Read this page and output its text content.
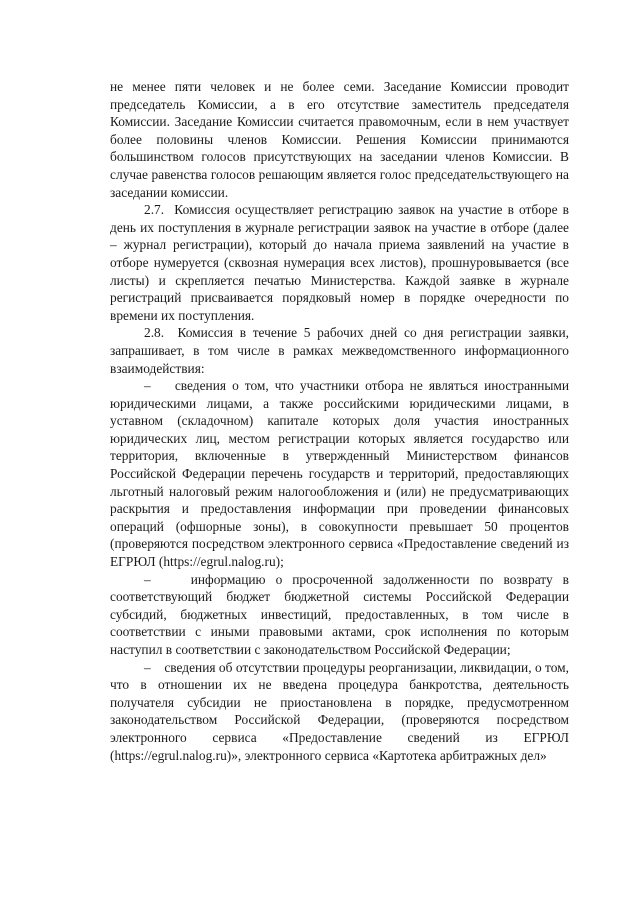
не менее пяти человек и не более семи. Заседание Комиссии проводит председатель Комиссии, а в его отсутствие заместитель председателя Комиссии. Заседание Комиссии считается правомочным, если в нем участвует более половины членов Комиссии. Решения Комиссии принимаются большинством голосов присутствующих на заседании членов Комиссии. В случае равенства голосов решающим является голос председательствующего на заседании комиссии.

2.7.  Комиссия осуществляет регистрацию заявок на участие в отборе в день их поступления в журнале регистрации заявок на участие в отборе (далее – журнал регистрации), который до начала приема заявлений на участие в отборе нумеруется (сквозная нумерация всех листов), прошнуровывается (все листы) и скрепляется печатью Министерства. Каждой заявке в журнале регистраций присваивается порядковый номер в порядке очередности по времени их поступления.

2.8.  Комиссия в течение 5 рабочих дней со дня регистрации заявки, запрашивает, в том числе в рамках межведомственного информационного взаимодействия:

–    сведения о том, что участники отбора не являться иностранными юридическими лицами, а также российскими юридическими лицами, в уставном (складочном) капитале которых доля участия иностранных юридических лиц, местом регистрации которых является государство или территория, включенные в утвержденный Министерством финансов Российской Федерации перечень государств и территорий, предоставляющих льготный налоговый режим налогообложения и (или) не предусматривающих раскрытия и предоставления информации при проведении финансовых операций (офшорные зоны), в совокупности превышает 50 процентов (проверяются посредством электронного сервиса «Предоставление сведений из ЕГРЮЛ (https://egrul.nalog.ru);

–    информацию о просроченной задолженности по возврату в соответствующий бюджет бюджетной системы Российской Федерации субсидий, бюджетных инвестиций, предоставленных, в том числе в соответствии с иными правовыми актами, срок исполнения по которым наступил в соответствии с законодательством Российской Федерации;

–    сведения об отсутствии процедуры реорганизации, ликвидации, о том, что в отношении их не введена процедура банкротства, деятельность получателя субсидии не приостановлена в порядке, предусмотренном законодательством Российской Федерации, (проверяются посредством электронного сервиса «Предоставление сведений из ЕГРЮЛ (https://egrul.nalog.ru)», электронного сервиса «Картотека арбитражных дел»
